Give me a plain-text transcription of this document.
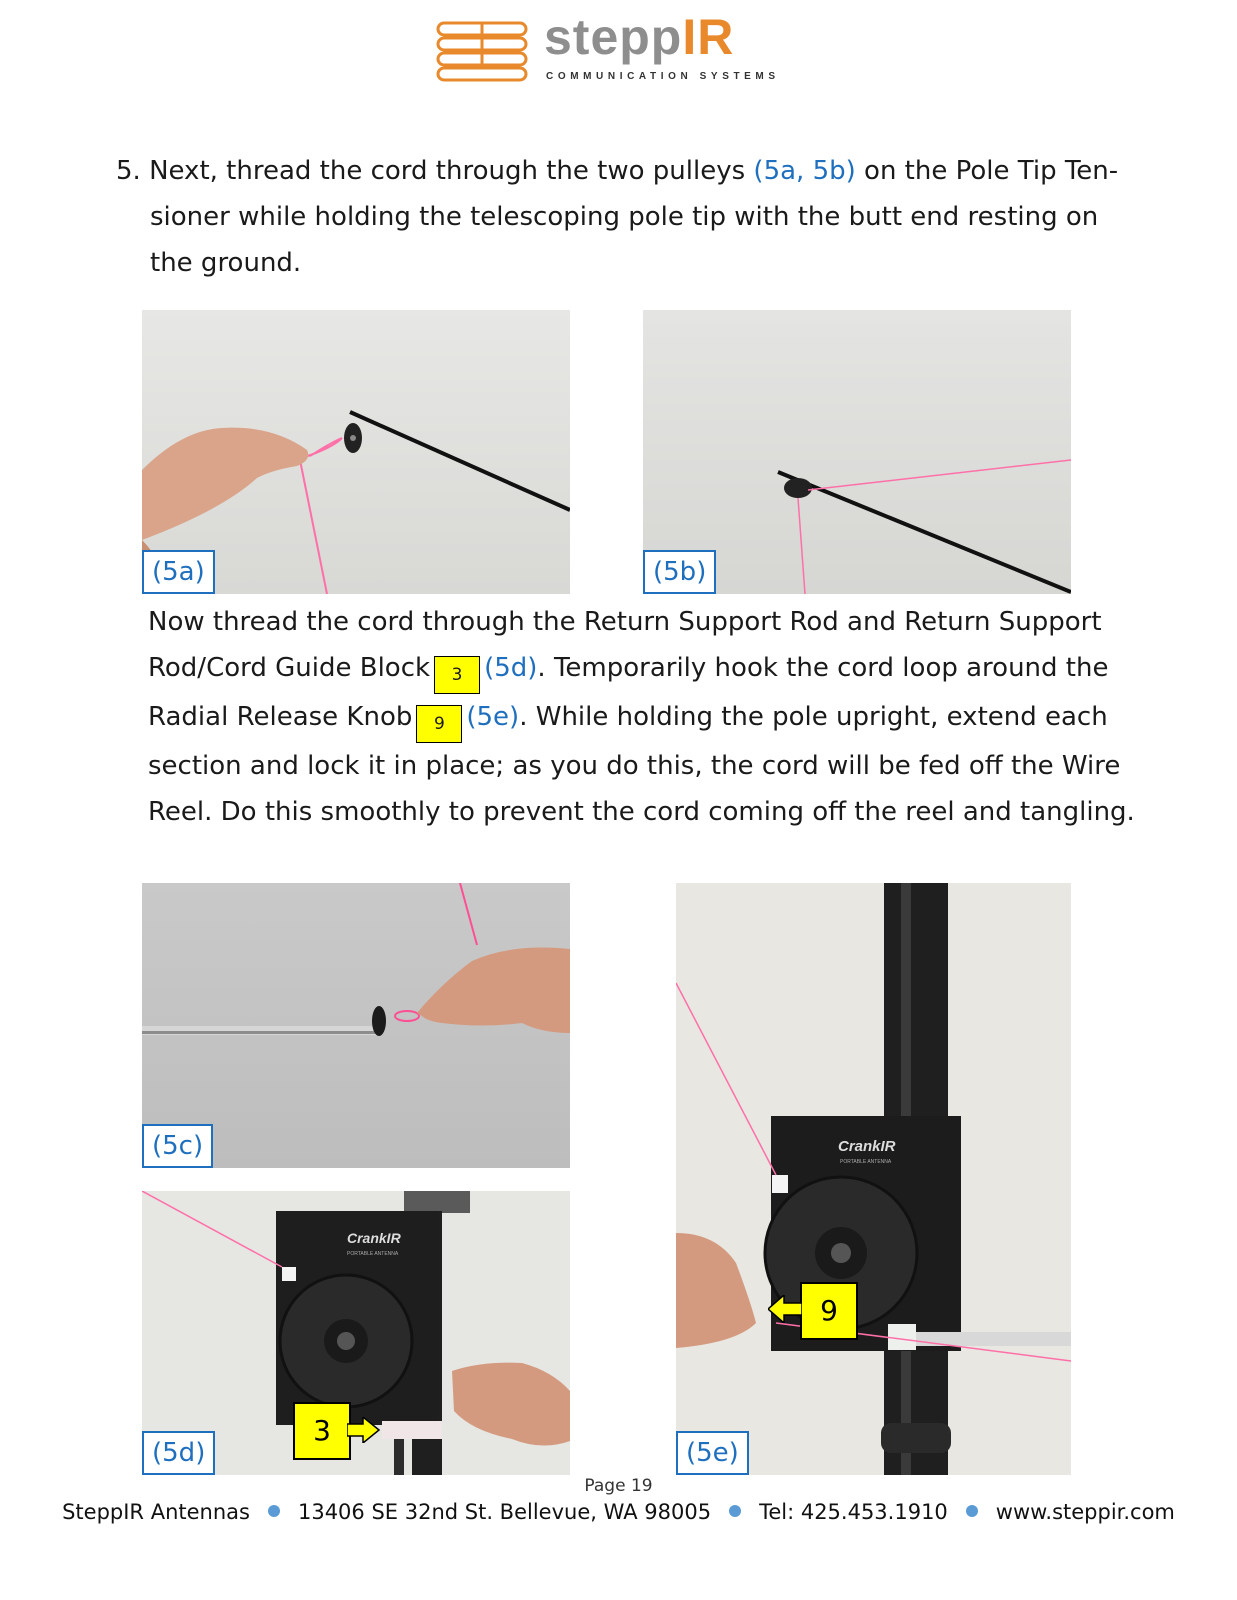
steppIR
COMMUNICATION SYSTEMS
5. Next, thread the cord through the two pulleys (5a, 5b) on the Pole Tip Ten-
sioner while holding the telescoping pole tip with the butt end resting on
the ground.
(5a)	(5b)
Now thread the cord through the Return Support Rod and Return Support
Rod/Cord Guide Block 3 (5d). Temporarily hook the cord loop around the
Radial Release Knob 9 (5e). While holding the pole upright, extend each section and lock it in place; as you do this, the cord will be fed off the Wire Reel. Do this smoothly to prevent the cord coming off the reel and tangling.
(5c)
CrankIR
PORTABLE ANTENNA
(5d)
3
CrankIR
PORTABLE ANTENNA
(5e)
9
Page 19
SteppIR Antennas 13406 SE 32nd St. Bellevue, WA 98005 Tel: 425.453.1910 www.steppir.com
